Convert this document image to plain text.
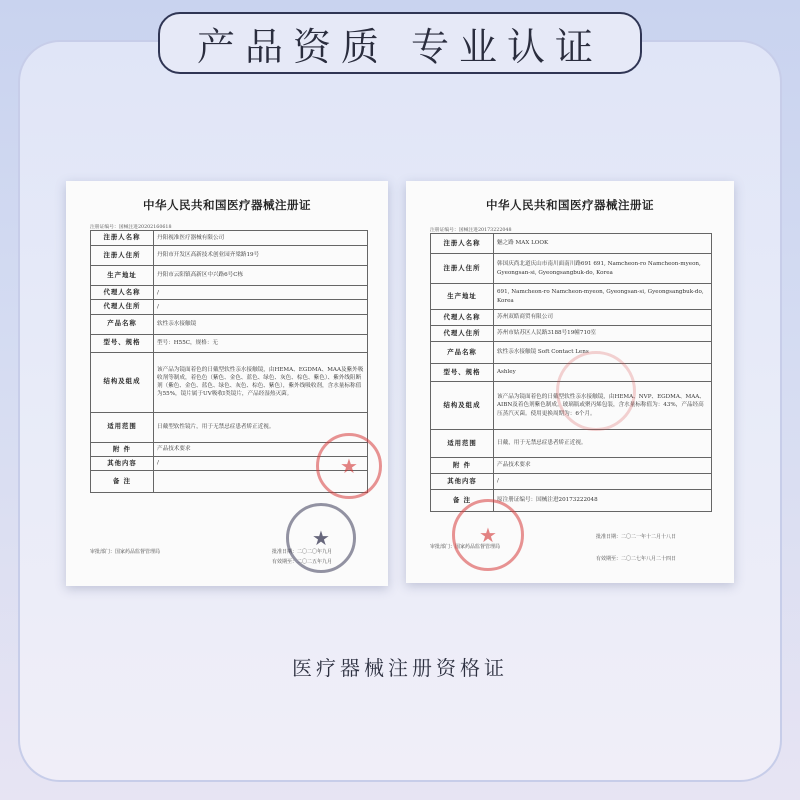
产品资质 专业认证
中华人民共和国医疗器械注册证
注册证编号：国械注进20202160618
注册人名称	丹阳视准医疗器械有限公司
注册人住所	丹阳市开发区高新技术创业园齐梁路19号
生产地址	丹阳市云阳镇高新区中兴路6号C栋
代理人名称	/
代理人住所	/
产品名称	软性亲水接触镜
型号、规格	型号：H55C，规格：无
结构及组成	该产品为镜面着色的日戴型软性亲水接触镜，由HEMA、EGDMA、MAA及紫外吸收剂等制成，着色色（紫色、金色、蓝色、绿色、灰色、棕色、紫色）、紫外线阻断剂（紫色、金色、蓝色、绿色、灰色、棕色、紫色），紫外线吸收剂，含水量标称值为55%，镜片属于UV吸收I类镜片，产品经湿热灭菌。
适用范围	日戴型软性镜片，用于无禁忌症患者矫正近视。
附 件	产品技术要求
其他内容	/
备 注	
审批部门：国家药品监督管理局	批准日期：二〇二〇年九月
有效期至：二〇二五年九月
★
★
中华人民共和国医疗器械注册证
注册证编号：国械注进20173222048
注册人名称	魅之路 MAX LOOK
注册人住所	韩国庆尚北道庆山市南川面南川路691 691, Namcheon-ro Namcheon-myeon, Gyeongsan-si, Gyeongsangbuk-do, Korea
生产地址	691, Namcheon-ro Namcheon-myeon, Gyeongsan-si, Gyeongsangbuk-do, Korea
代理人名称	苏州双皓商贸有限公司
代理人住所	苏州市姑苏区人民路3188号19幢710室
产品名称	软性亲水接触镜 Soft Contact Lens
型号、规格	Ashley
结构及组成	该产品为镜面着色的日戴型软性亲水接触镜，由HEMA、NVP、EGDMA、MAA、AIBN及着色剂紫色制成。玻璃瓶或聚丙烯包装，含水量标称值为：43%，产品经高压蒸汽灭菌。使用更换周期为：6个月。
适用范围	日戴，用于无禁忌症患者矫正近视。
附 件	产品技术要求
其他内容	/
备 注	原注册证编号：国械注进20173222048
审批部门：国家药品监督管理局
批准日期：二〇二一年十二月十八日
有效期至：二〇二七年八月二十四日
★
医疗器械注册资格证
